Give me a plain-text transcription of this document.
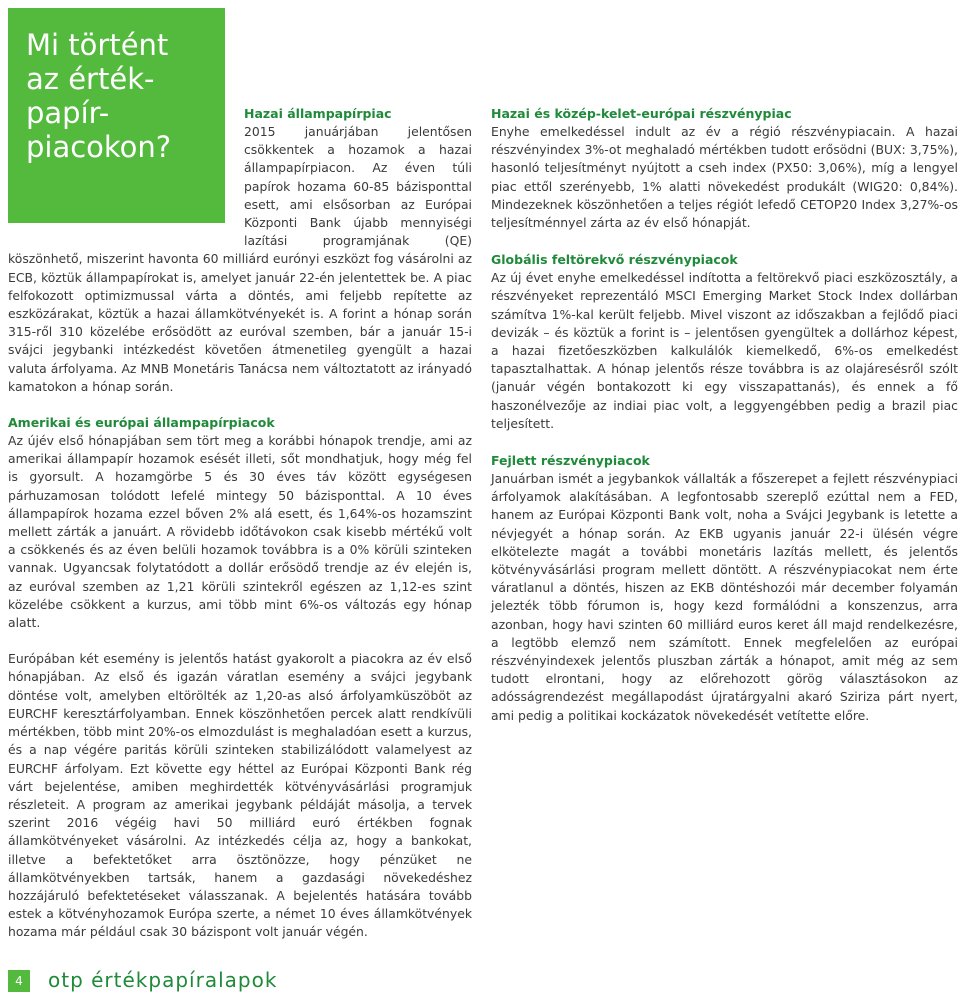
Mi történt
az érték-
papír-
piacokon?
Hazai állampapírpiac

2015 januárjában jelentősen csökkentek a hozamok a hazai állampapírpiacon. Az éven túli papírok hozama 60-85 bázisponttal esett, ami elsősorban az Európai Központi Bank újabb mennyiségi lazítási programjának (QE) köszönhető, miszerint havonta 60 milliárd eurónyi eszközt fog vásárolni az ECB, köztük állampapírokat is, amelyet január 22-én jelentettek be. A piac felfokozott optimizmussal várta a döntés, ami feljebb repítette az eszközárakat, köztük a hazai államkötvényekét is. A forint a hónap során 315-ről 310 közelébe erősödött az euróval szemben, bár a január 15-i svájci jegybanki intézkedést követően átmenetileg gyengült a hazai valuta árfolyama. Az MNB Monetáris Tanácsa nem változtatott az irányadó kamatokon a hónap során.

Amerikai és európai állampapírpiacok

Az újév első hónapjában sem tört meg a korábbi hónapok trendje, ami az amerikai állampapír hozamok esését illeti, sőt mondhatjuk, hogy még fel is gyorsult. A hozamgörbe 5 és 30 éves táv között egységesen párhuzamosan tolódott lefelé mintegy 50 bázisponttal. A 10 éves állampapírok hozama ezzel bőven 2% alá esett, és 1,64%-os hozamszint mellett zárták a januárt. A rövidebb időtávokon csak kisebb mértékű volt a csökkenés és az éven belüli hozamok továbbra is a 0% körüli szinteken vannak. Ugyancsak folytatódott a dollár erősödő trendje az év elején is, az euróval szemben az 1,21 körüli szintekről egészen az 1,12-es szint közelébe csökkent a kurzus, ami több mint 6%-os változás egy hónap alatt.

Európában két esemény is jelentős hatást gyakorolt a piacokra az év első hónapjában. Az első és igazán váratlan esemény a svájci jegybank döntése volt, amelyben eltörölték az 1,20-as alsó árfolyamküszöböt az EURCHF keresztárfolyamban. Ennek köszönhetően percek alatt rendkívüli mértékben, több mint 20%-os elmozdulást is meghaladóan esett a kurzus, és a nap végére paritás körüli szinteken stabilizálódott valamelyest az EURCHF árfolyam. Ezt követte egy héttel az Európai Központi Bank rég várt bejelentése, amiben meghirdették kötvényvásárlási programjuk részleteit. A program az amerikai jegybank példáját másolja, a tervek szerint 2016 végéig havi 50 milliárd euró értékben fognak államkötvényeket vásárolni. Az intézkedés célja az, hogy a bankokat, illetve a befektetőket arra ösztönözze, hogy pénzüket ne államkötvényekben tartsák, hanem a gazdasági növekedéshez hozzájáruló befektetéseket válasszanak. A bejelentés hatására tovább estek a kötvényhozamok Európa szerte, a német 10 éves államkötvények hozama már például csak 30 bázispont volt január végén.

Hazai és közép-kelet-európai részvénypiac

Enyhe emelkedéssel indult az év a régió részvénypiacain. A hazai részvényindex 3%-ot meghaladó mértékben tudott erősödni (BUX: 3,75%), hasonló teljesítményt nyújtott a cseh index (PX50: 3,06%), míg a lengyel piac ettől szerényebb, 1% alatti növekedést produkált (WIG20: 0,84%). Mindezeknek köszönhetően a teljes régiót lefedő CETOP20 Index 3,27%-os teljesítménnyel zárta az év első hónapját.

Globális feltörekvő részvénypiacok

Az új évet enyhe emelkedéssel indította a feltörekvő piaci eszközosztály, a részvényeket reprezentáló MSCI Emerging Market Stock Index dollárban számítva 1%-kal került feljebb. Mivel viszont az időszakban a fejlődő piaci devizák – és köztük a forint is – jelentősen gyengültek a dollárhoz képest, a hazai fizetőeszközben kalkulálók kiemelkedő, 6%-os emelkedést tapasztalhattak. A hónap jelentős része továbbra is az olajáresésről szólt (január végén bontakozott ki egy visszapattanás), és ennek a fő haszonélvezője az indiai piac volt, a leggyengébben pedig a brazil piac teljesített.

Fejlett részvénypiacok

Januárban ismét a jegybankok vállalták a főszerepet a fejlett részvénypiaci árfolyamok alakításában. A legfontosabb szereplő ezúttal nem a FED, hanem az Európai Központi Bank volt, noha a Svájci Jegybank is letette a névjegyét a hónap során. Az EKB ugyanis január 22-i ülésén végre elkötelezte magát a további monetáris lazítás mellett, és jelentős kötvényvásárlási program mellett döntött. A részvénypiacokat nem érte váratlanul a döntés, hiszen az EKB döntéshozói már december folyamán jelezték több fórumon is, hogy kezd formálódni a konszenzus, arra azonban, hogy havi szinten 60 milliárd euros keret áll majd rendelkezésre, a legtöbb elemző nem számított. Ennek megfelelően az európai részvényindexek jelentős pluszban zárták a hónapot, amit még az sem tudott elrontani, hogy az előrehozott görög választásokon az adósságrendezést megállapodást újratárgyalni akaró Sziriza párt nyert, ami pedig a politikai kockázatok növekedését vetítette előre.

4	otp értékpapíralapok
